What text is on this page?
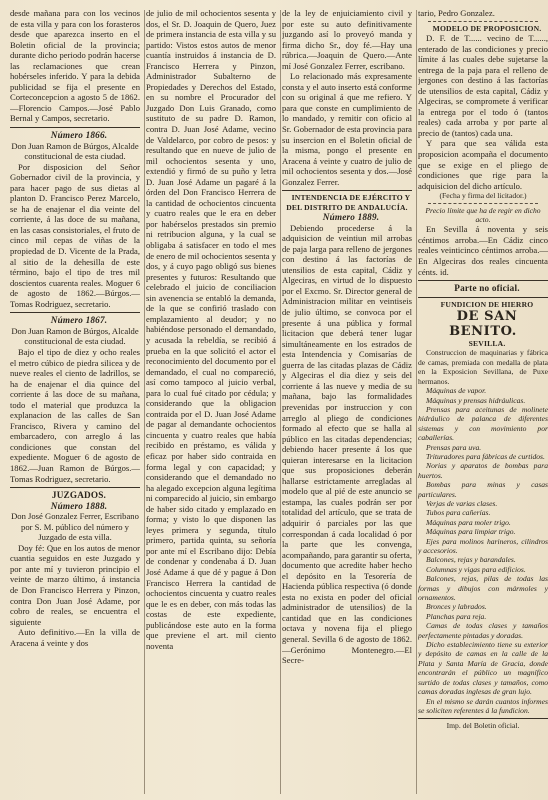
desde mañana para con los vecinos de esta villa y para con los forasteros desde que aparezca inserto en el Boletin oficial de la provincia; durante dicho periodo podrán hacerse las reclamaciones que crean hobérseles inferido. Y para la debida publicidad se fija el presente en Corteconcepcion a agosto 5 de 1862.—Florencio Campos.—José Pablo Bernal y Campos, secretario.

Número 1866.

Don Juan Ramon de Búrgos, Alcalde constitucional de esta ciudad.

Por disposicion del Señor Gobernador civil de la provincia, y para hacer pago de sus dietas al planton D. Francisco Perez Marcelo, se ha de enajenar el dia veinte del corriente, á las doce de su mañana, en las casas consistoriales, el fruto de cinco mil cepas de viñas de la propiedad de D. Vicente de la Prada, al sitio de la dehesilla de este término, bajo el tipo de tres mil doscientos cuarenta reales. Moguer 6 de agosto de 1862.—Búrgos.—Tomas Rodriguez, secretario.

Número 1867.

Don Juan Ramon de Búrgos, Alcalde constitucional de esta ciudad.

Bajo el tipo de diez y ocho reales el metro cúbico de piedra silicea y de nueve reales el ciento de ladrillos, se ha de enajenar el dia quince del corriente á las doce de su mañana, todo el material que produzca la explanacion de las calles de San Francisco, Rivera y camino del embarcadero, con arreglo á las condiciones que constan del expediente. Moguer 6 de agosto de 1862.—Juan Ramon de Búrgos.—Tomas Rodriguez, secretario.

JUZGADOS.

Número 1888.

Don José Gonzalez Ferrer, Escribano por S. M. público del número y Juzgado de esta villa.

Doy fé: Que en los autos de menor cuantia seguidos en este Juzgado y por ante mí y tuvieron principio el veinte de marzo último, á instancia de Don Francisco Herrera y Pinzon, contra Don Juan José Adame, por cobro de reales, se encuentra el siguiente

Auto definitivo.—En la villa de Aracena á veinte y dos

de julio de mil ochocientos sesenta y dos, el Sr. D. Joaquin de Quero, Juez de primera instancia de esta villa y su partido: Vistos estos autos de menor cuantía instruidos á instancia de D. Francisco Herrera y Pinzon, Administrador Subalterno de Propiedades y Derechos del Estado, en su nombre el Procurador del Juzgado Don Luis Granado, como sustituto de su padre D. Ramon, contra D. Juan José Adame, vecino de Valdelarco, por cobro de pesos: y resultando que en nueve de julio de mil ochocientos sesenta y uno, extendió y firmó de su puño y letra D. Juan José Adame un pagaré á la órden del Don Francisco Herrera de la cantidad de ochocientos cincuenta y cuatro reales que le era en deber por habérselos prestados sin premio ni retribucion alguna, y la cual se obligaba á satisfacer en todo el mes de enero de mil ochocientos sesenta y dos, y á cuyo pago obligó sus bienes presentes y futuros: Resultando que celebrado el juicio de conciliacion sin avenencia se entabló la demanda, de la que se confirió traslado con emplazamiento al deudor; y no habiéndose personado el demandado, y acusada la rebeldía, se recibió á prueba en la que solicitó el actor el reconocimiento del documento por el demandado, el cual no compareció, así como tampoco al juicio verbal, para lo cual fué citado por cédula; y considerando que la obligacion contraida por el D. Juan José Adame de pagar al demandante ochocientos cincuenta y cuatro reales que había recibido en préstamo, es válida y eficaz por haber sido contraida en forma legal y con capacidad; y considerando que el demandado no ha alegado excepcion alguna legítima ni comparecido al juicio, sin embargo de haber sido citado y emplazado en forma; y visto lo que disponen las leyes primera y segunda, título primero, partida quinta, su señoría por ante mí el Escribano dijo: Debía de condenar y condenaba á D. Juan José Adame á que dé y pague á Don Francisco Herrera la cantidad de ochocientos cincuenta y cuatro reales que le es en deber, con más todas las costas de este expediente, publicándose este auto en la forma que previene el art. mil ciento noventa

de la ley de enjuiciamiento civil y por este su auto definitivamente juzgando así lo proveyó manda y firma dicho Sr., doy fé.—Hay una rúbrica.—Joaquin de Quero.—Ante mí José Gonzalez Ferrer, escribano.

Lo relacionado más expresamente consta y el auto inserto está conforme con su original á que me refiero. Y para que conste en cumplimiento de lo mandado, y remitir con oficio al Sr. Gobernador de esta provincia para su insercion en el Boletin oficial de la misma, pongo el presente en Aracena á veinte y cuatro de julio de mil ochocientos sesenta y dos.—José Gonzalez Ferrer.

INTENDENCIA DE EJÉRCITO Y DEL DISTRITO DE ANDALUCÍA.

Número 1889.

Debiendo procederse á la adquisicion de veintiun mil arrobas de paja larga para relleno de jergones con destino á las factorías de utensilios de esta capital, Cádiz y Algeciras, en virtud de lo dispuesto por el Excmo. Sr. Director general de Administracion militar en veintiseis de julio último, se convoca por el presente á una pública y formal licitacion que deberá tener lugar simultáneamente en los estrados de esta Intendencia y Comisarías de guerra de las citadas plazas de Cádiz y Algeciras el dia diez y seis del corriente á las nueve y media de su mañana, bajo las formalidades prevenidas por instruccion y con arreglo al pliego de condiciones formado al efecto que se halla al público en las citadas dependencias; debiendo hacer presente á los que quieran interesarse en la licitacion que sus proposiciones deberán hallarse estrictamente arregladas al modelo que al pié de este anuncio se estampa, las cuales podrán ser por totalidad del artículo, que se trata de adquirir ó parciales por las que correspondan á cada localidad ó por la parte que les convenga, acompañando, para garantir su oferta, documento que acredite haber hecho el depósito en la Tesorería de Hacienda pública respectiva (ó donde esta no exista en poder del oficial administrador de utensilios) de la cantidad que en las condiciones octava y novena fija el pliego general. Sevilla 6 de agosto de 1862.—Gerónimo Montenegro.—El Secre-

tario, Pedro Gonzalez.

MODELO DE PROPOSICION.

D. F. de T...... vecino de T......, enterado de las condiciones y precio límite á las cuales debe sujetarse la entrega de la paja para el relleno de jergones con destino á las factorías de utensilios de esta capital, Cádiz y Algeciras, se compromete á verificar la entrega por el todo ó (tantos reales) cada arroba y por parte al precio de (tantos) cada una.

Y para que sea válida esta proposicion acompaña el documento que se exige en el pliego de condiciones que rige para la adquisicion del dicho artículo.

(Fecha y firma del licitador.)

Precio límite que ha de regir en dicho acto.

En Sevilla á noventa y seis céntimos arroba.—En Cádiz cinco reales veinticinco céntimos arroba.—En Algeciras dos reales cincuenta cénts. id.

Parte no oficial.

FUNDICION DE HIERRO

DE SAN BENITO.

SEVILLA.

Construccion de maquinarias y fábrica de camas, premiada con medalla de plata en la Exposicion Sevillana, de Puxe hermanos.

Máquinas de vapor.

Máquinas y prensas hidráulicas.

Prensas para aceitunas de molinete hidráulico de palanca de diferentes sistemas y con movimiento por caballerías.

Prensas para uva.

Trituradores para fábricas de curtidos.

Norias y aparatos de bombas para huertos.

Bombas para minas y casas particulares.

Verjas de varias clases.

Tubos para cañerías.

Máquinas para moler trigo.

Máquinas para limpiar trigo.

Ejes para molinos harineros, cilindros y accesorios.

Balcones, rejas y barandales.

Columnas y vigas para edificios.

Balcones, rejas, pilas de todas las formas y dibujos con mármoles y ornamentos.

Bronces y labrados.

Planchas para reja.

Camas de todas clases y tamaños perfectamente pintadas y doradas.

Dicho establecimiento tiene su exterior y depósito de camas en la calle de la Plata y Santa María de Gracia, donde encontrarán el público un magnífico surtido de todas clases y tamaños, como camas doradas inglesas de gran lujo.

En el mismo se darán cuantos informes se soliciten referentes á la fundicion.

Imp. del Boletin oficial.
